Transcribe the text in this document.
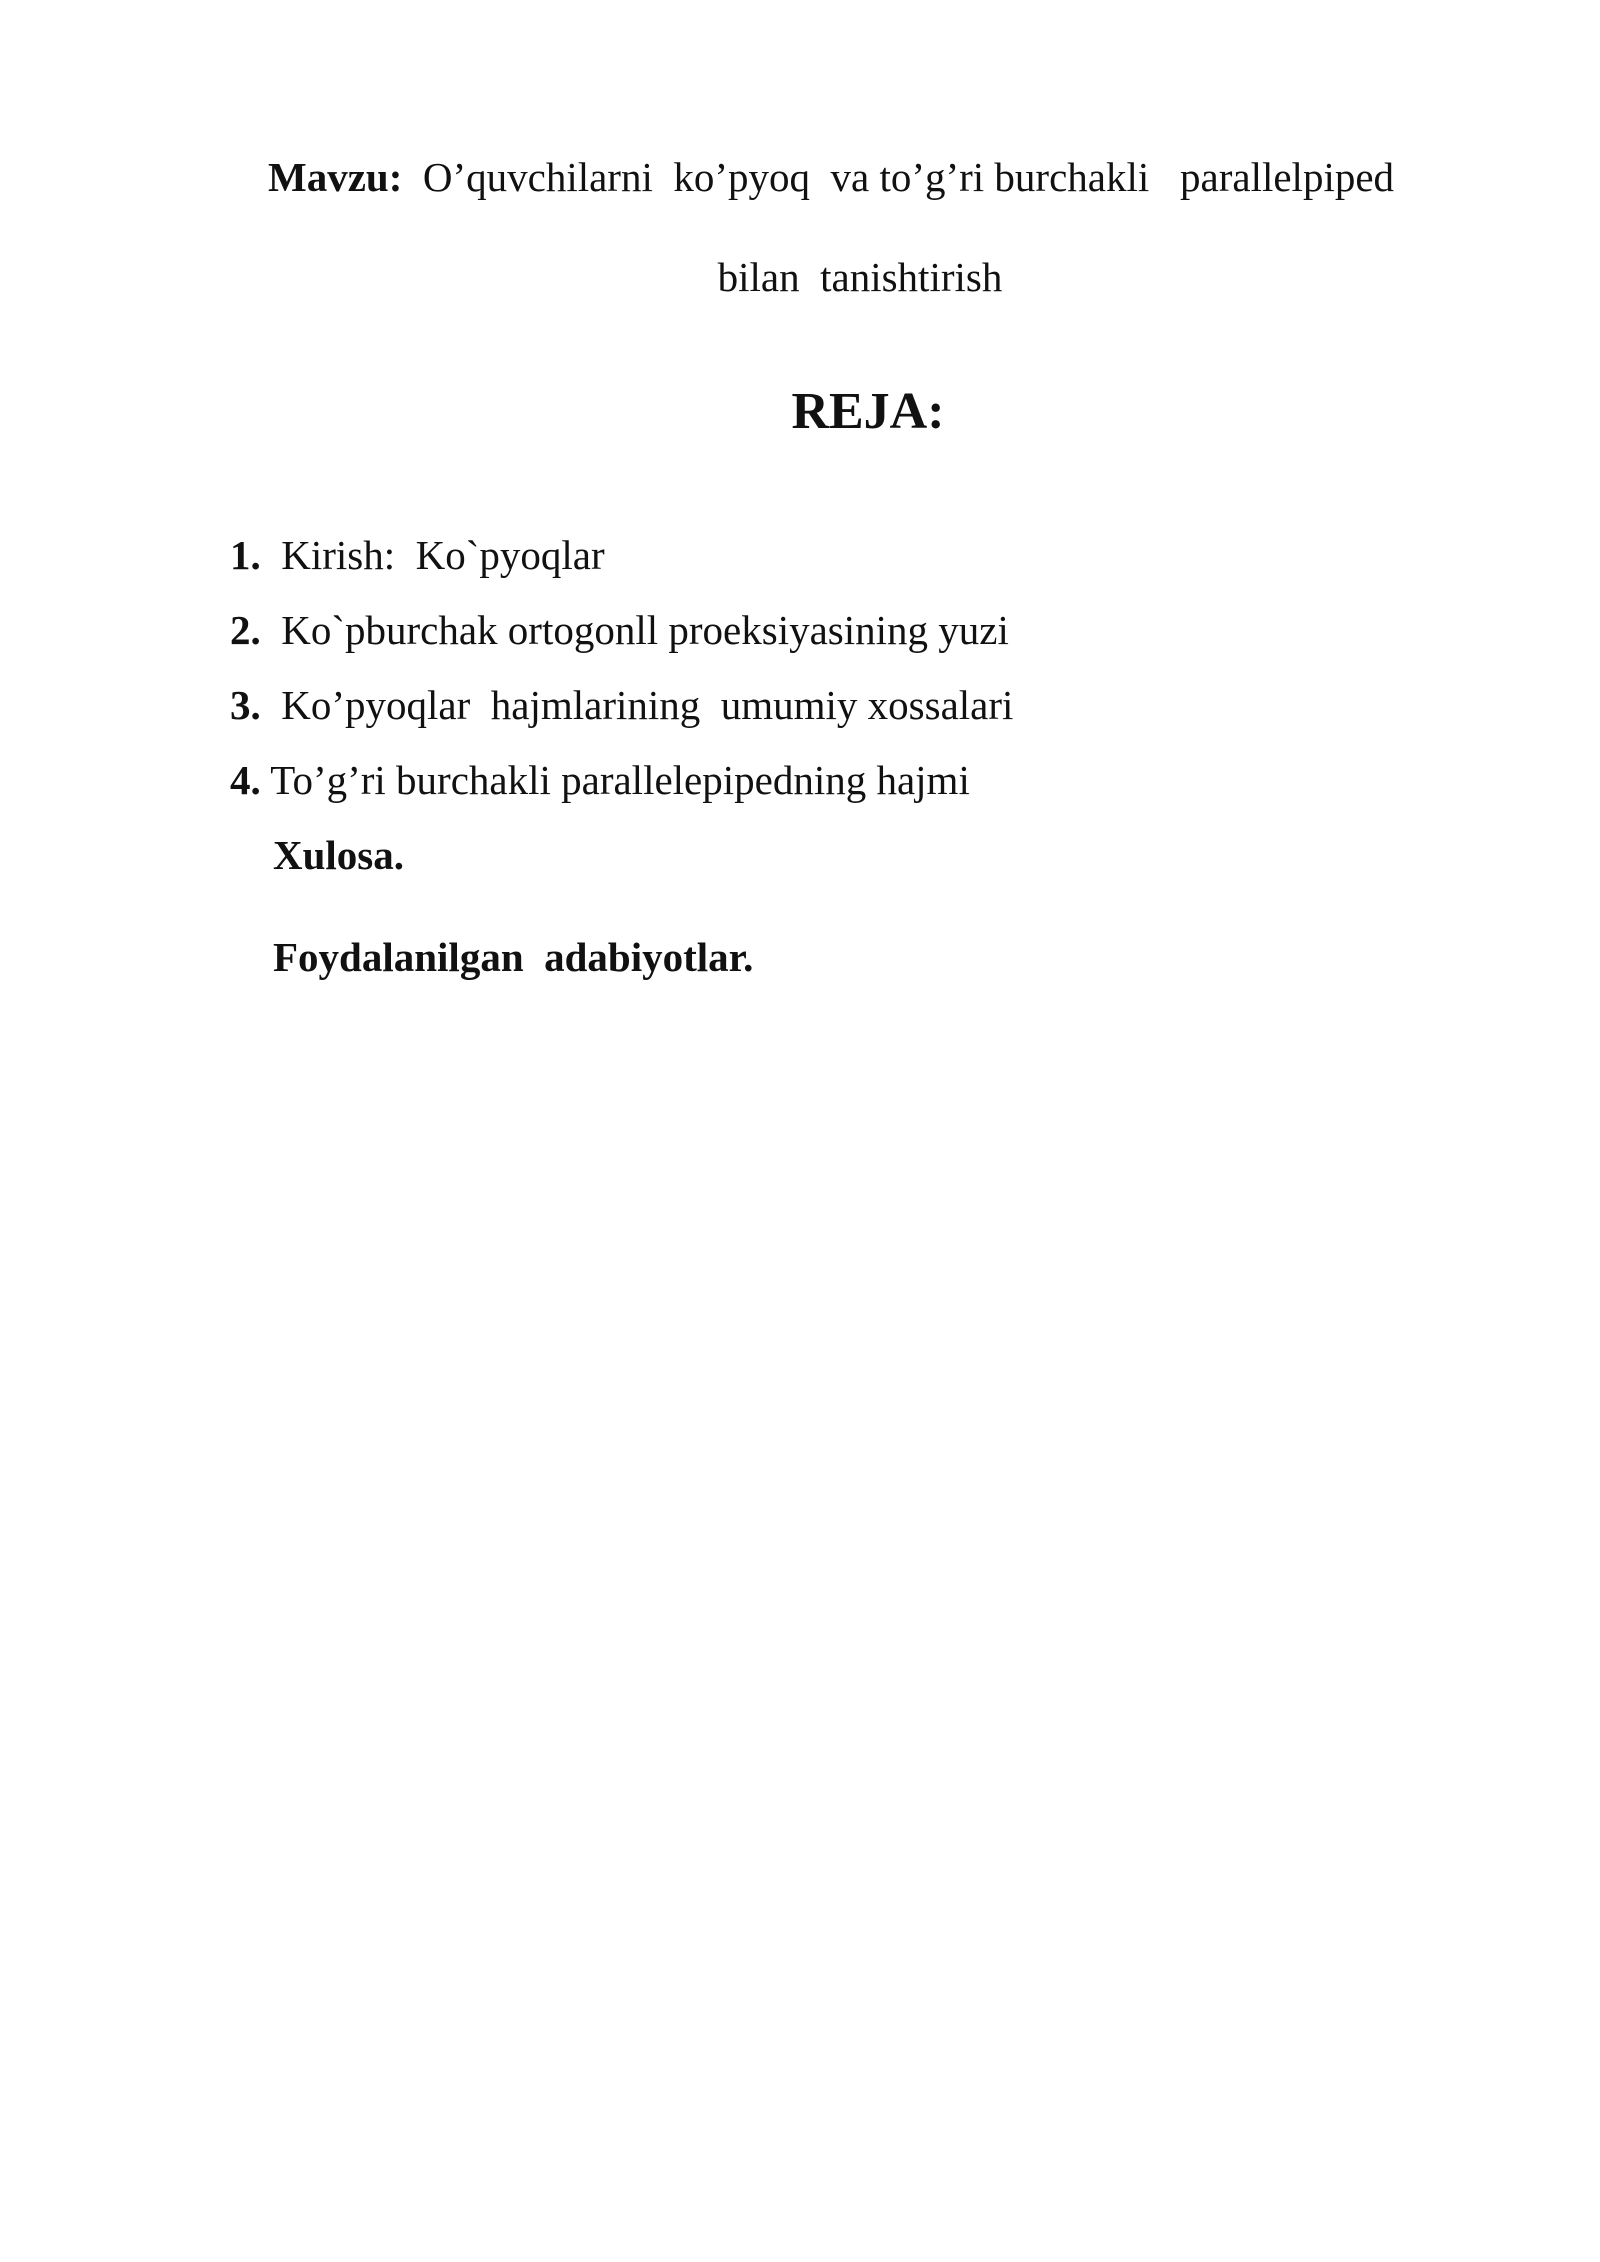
Mavzu:  O’quvchilarni  ko’pyoq  va to’g’ri burchakli   parallelpiped
bilan  tanishtirish
REJA:
1.  Kirish:  Ko`pyoqlar
2.  Ko`pburchak ortogonll proeksiyasining yuzi
3.  Ko’pyoqlar  hajmlarining  umumiy xossalari
4. To’g’ri burchakli parallelepipedning hajmi
Xulosa.
Foydalanilgan  adabiyotlar.
